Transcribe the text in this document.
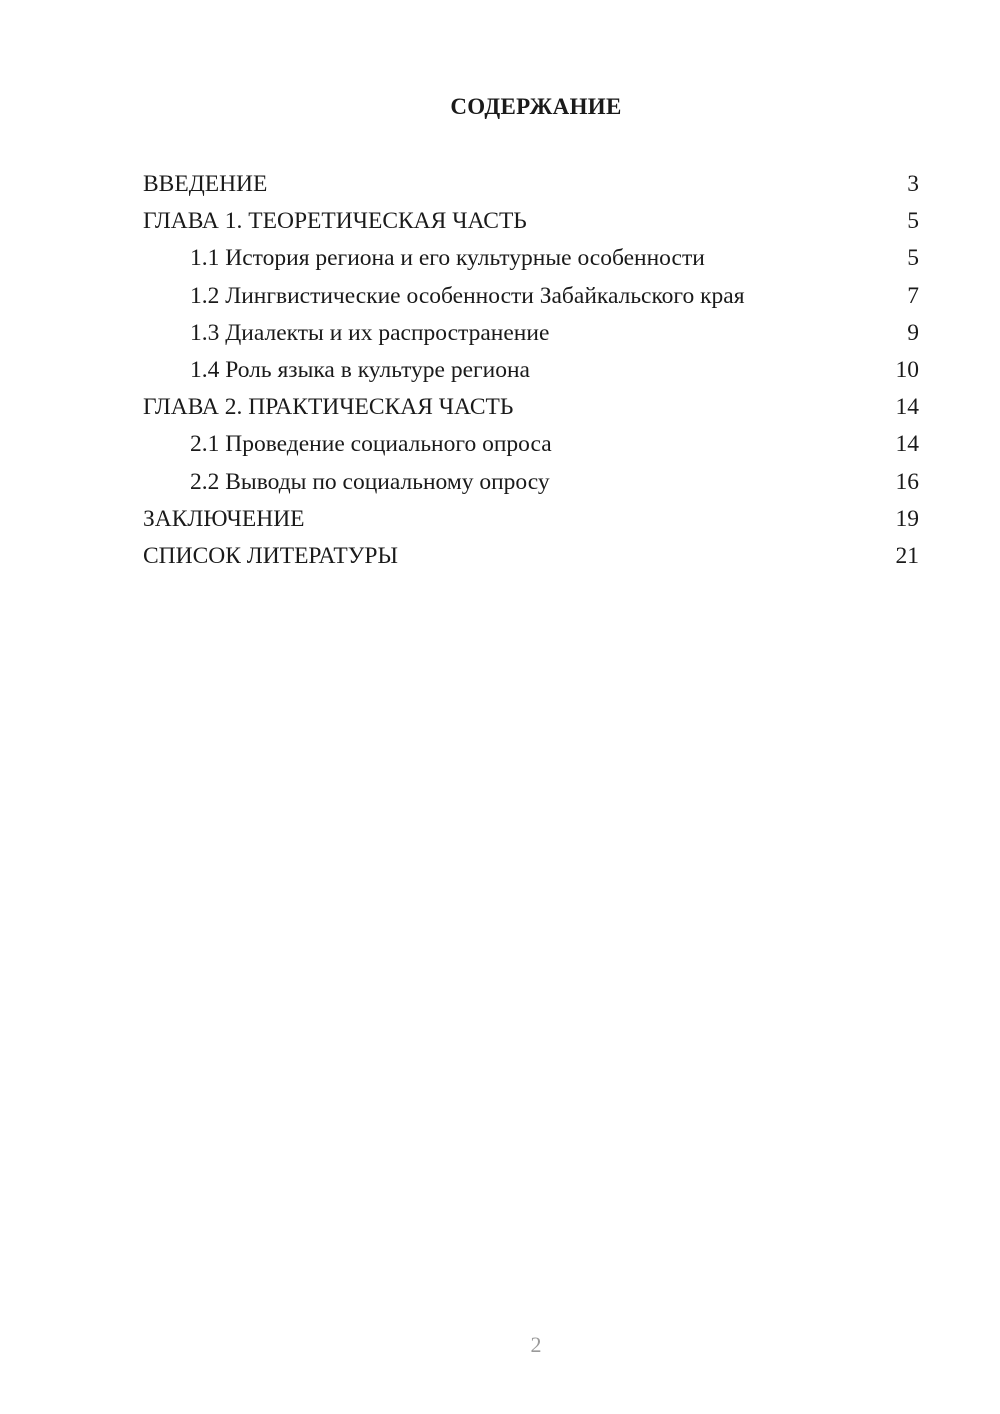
СОДЕРЖАНИЕ
ВВЕДЕНИЕ	3
ГЛАВА 1. ТЕОРЕТИЧЕСКАЯ ЧАСТЬ	5
1.1 История региона и его культурные особенности	5
1.2 Лингвистические особенности Забайкальского края	7
1.3 Диалекты и их распространение	9
1.4 Роль языка в культуре региона	10
ГЛАВА 2. ПРАКТИЧЕСКАЯ ЧАСТЬ	14
2.1 Проведение социального опроса	14
2.2 Выводы по социальному опросу	16
ЗАКЛЮЧЕНИЕ	19
СПИСОК ЛИТЕРАТУРЫ	21
2
